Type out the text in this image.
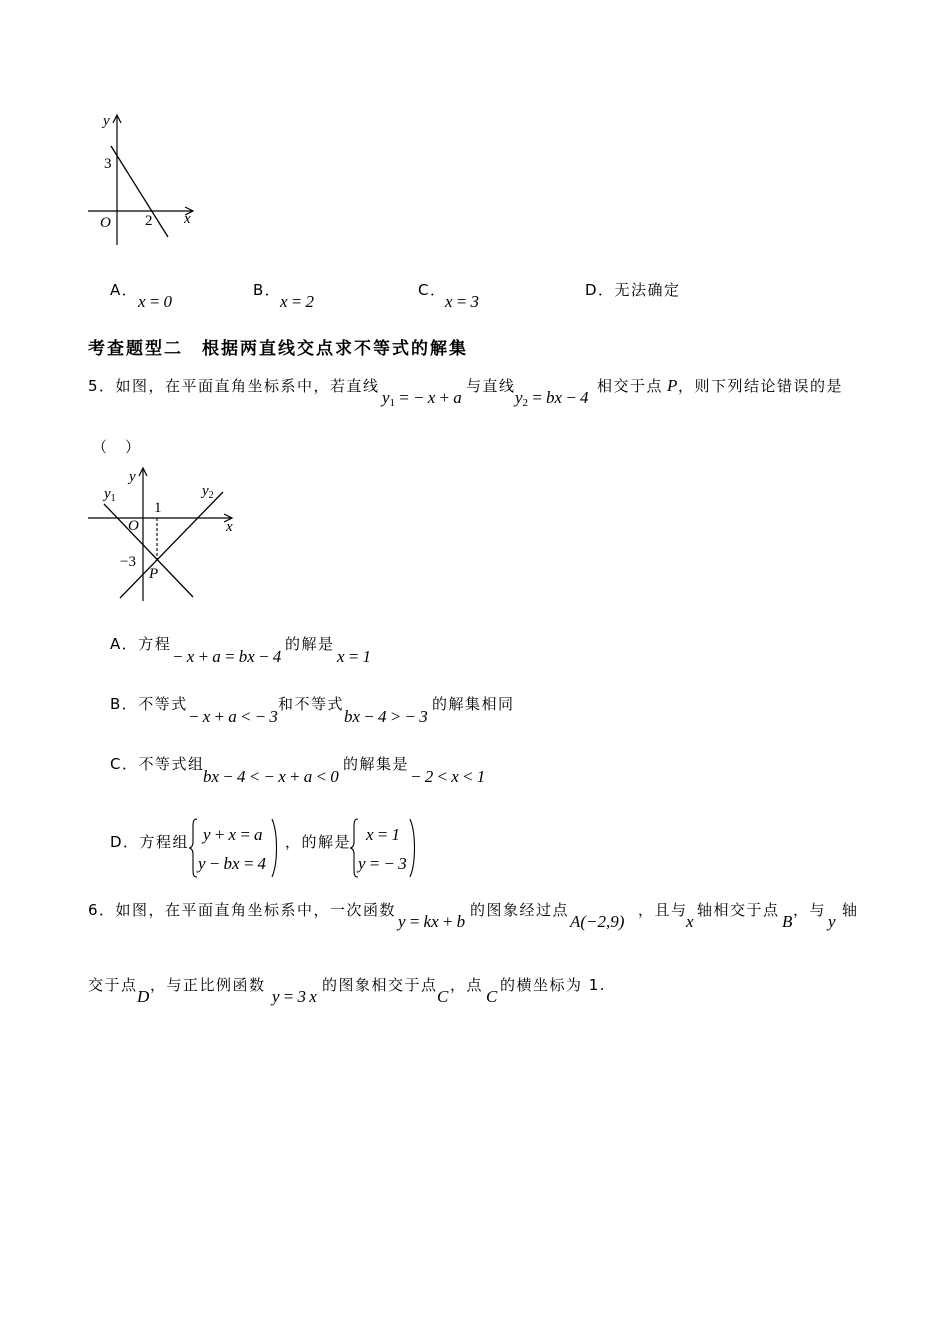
y
3
O 2 x
A．
x = 0
B．
x = 2
C．
x = 3
D．无法确定
考查题型二　根据两直线交点求不等式的解集
5．如图，在平面直角坐标系中，若直线
$y_1$ = − x + a
与直线
$y_2$ = bx − 4
相交于点 P ，则下列结论错误的是
（　）
y
$y_1$	$y_2$
1
O	x
−3
P
A．方程
− x + a = bx − 4
的解是
x = 1
B．不等式
− x + a < − 3
和不等式
bx − 4 > − 3
的解集相同
C．不等式组
bx − 4 < − x + a < 0
的解集是
− 2 < x < 1
D．方程组 y + x = a
y − bx = 4
，的解是 x = 1
y = − 3
6．如图，在平面直角坐标系中，一次函数
y = kx + b
的图象经过点
A(−2,9)
，且与
x
轴相交于点
B
，与
y
轴
交于点
D
，与正比例函数
y = 3 x
的图象相交于点
C
，点
C
的横坐标为 1.
